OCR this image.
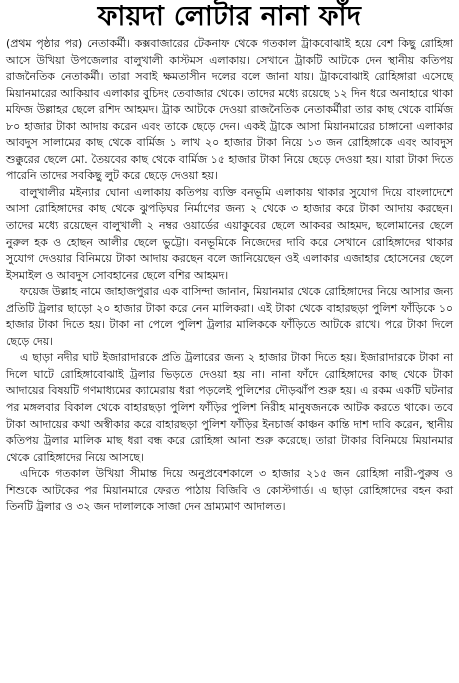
ফায়দা লোটার নানা ফাঁদ

(প্রথম পৃষ্ঠার পর) নেতাকর্মী। কক্সবাজারের টেকনাফ থেকে গতকাল ট্রাকবোঝাই হয়ে বেশ কিছু রোহিঙ্গা আসে উখিয়া উপজেলার বালুখালী কাস্টমস এলাকায়। সেখানে ট্রাকটি আটকে দেন স্থানীয় কতিপয় রাজনৈতিক নেতাকর্মী। তারা সবাই ক্ষমতাসীন দলের বলে জানা যায়। ট্রাকবোঝাই রোহিঙ্গারা এসেছে মিয়ানমারের আকিয়াব এলাকার বুচিদং তেবাজার থেকে। তাদের মধ্যে রয়েছে ১২ দিন ধরে অনাহারে থাকা মফিজ উল্লাহর ছেলে রশিদ আহমদ। ট্রাক আটকে দেওয়া রাজনৈতিক নেতাকর্মীরা তার কাছ থেকে বার্মিজ ৮০ হাজার টাকা আদায় করেন এবং তাকে ছেড়ে দেন। একই ট্রাকে আসা মিয়ানমারের চাঙ্গানো এলাকার আবদুস সালামের কাছ থেকে বার্মিজ ১ লাখ ২০ হাজার টাকা নিয়ে ১৩ জন রোহিঙ্গাকে এবং আবদুস শুক্কুরের ছেলে মো. তৈয়বের কাছ থেকে বার্মিজ ১৫ হাজার টাকা নিয়ে ছেড়ে দেওয়া হয়। যারা টাকা দিতে পারেনি তাদের সবকিছু লুট করে ছেড়ে দেওয়া হয়।

বালুখালীর মইন্যার ঘোনা এলাকায় কতিপয় ব্যক্তি বনভূমি এলাকায় থাকার সুযোগ দিয়ে বাংলাদেশে আসা রোহিঙ্গাদের কাছ থেকে ঝুপড়িঘর নির্মাণের জন্য ২ থেকে ৩ হাজার করে টাকা আদায় করছেন। তাদের মধ্যে রয়েছেন বালুখালী ২ নম্বর ওয়ার্ডের এয়াকুবের ছেলে আকবর আহমদ, ছলোমানের ছেলে নুরুল হক ও হোছন আলীর ছেলে ভুট্টো। বনভূমিকে নিজেদের দাবি করে সেখানে রোহিঙ্গাদের থাকার সুযোগ দেওয়ার বিনিময়ে টাকা আদায় করছেন বলে জানিয়েছেন ওই এলাকার এজাহার হোসেনের ছেলে ইসমাইল ও আবদুস সোবহানের ছেলে বশির আহমদ।

ফয়েজ উল্লাহ নামে জাহাজপুরার এক বাসিন্দা জানান, মিয়ানমার থেকে রোহিঙ্গাদের নিয়ে আসার জন্য প্রতিটি ট্রলার ছাড়ো ২০ হাজার টাকা করে নেন মালিকরা। এই টাকা থেকে বাহারছড়া পুলিশ ফাঁড়িকে ১০ হাজার টাকা দিতে হয়। টাকা না পেলে পুলিশ ট্রলার মালিককে ফাঁড়িতে আটকে রাখে। পরে টাকা দিলে ছেড়ে দেয়।

এ ছাড়া নদীর ঘাট ইজারাদারকে প্রতি ট্রলারের জন্য ২ হাজার টাকা দিতে হয়। ইজারাদারকে টাকা না দিলে ঘাটে রোহিঙ্গাবোঝাই ট্রলার ভিড়তে দেওয়া হয় না। নানা ফাঁদে রোহিঙ্গাদের কাছ থেকে টাকা আদায়ের বিষয়টি গণমাধ্যমের ক্যামেরায় ধরা পড়লেই পুলিশের দৌড়ঝাঁপ শুরু হয়। এ রকম একটি ঘটনার পর মঙ্গলবার বিকাল থেকে বাহারছড়া পুলিশ ফাঁড়ির পুলিশ নিরীহ মানুষজনকে আটক করতে থাকে। তবে টাকা আদায়ের কথা অস্বীকার করে বাহারছড়া পুলিশ ফাঁড়ির ইনচার্জ কাঞ্চন কান্তি দাশ দাবি করেন, স্থানীয় কতিপয় ট্রলার মালিক মাছ ধরা বন্ধ করে রোহিঙ্গা আনা শুরু করেছে। তারা টাকার বিনিময়ে মিয়ানমার থেকে রোহিঙ্গাদের নিয়ে আসছে।

এদিকে গতকাল উখিয়া সীমান্ত দিয়ে অনুপ্রবেশকালে ৩ হাজার ২১৫ জন রোহিঙ্গা নারী-পুরুষ ও শিশুকে আটকের পর মিয়ানমারে ফেরত পাঠায় বিজিবি ও কোস্টগার্ড। এ ছাড়া রোহিঙ্গাদের বহন করা তিনটি ট্রলার ও ৩২ জন দালালকে সাজা দেন ভ্রাম্যমাণ আদালত।
